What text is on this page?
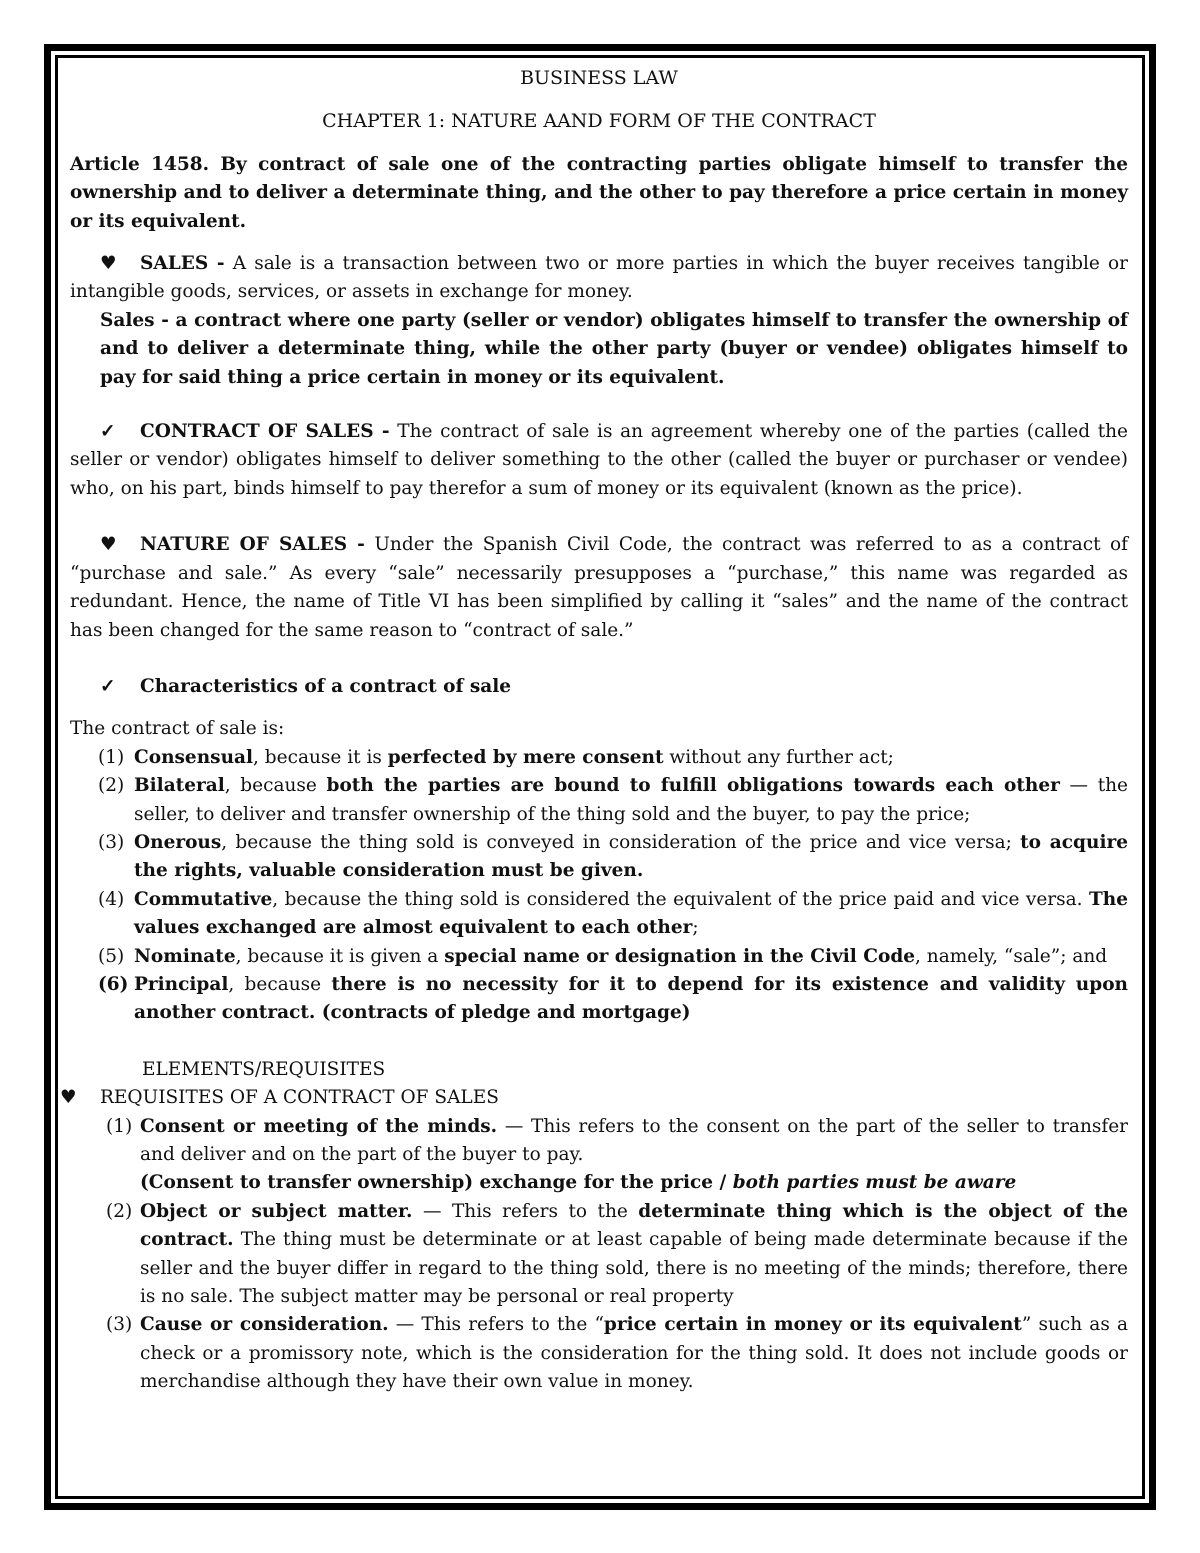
BUSINESS LAW

CHAPTER 1: NATURE AAND FORM OF THE CONTRACT

Article 1458. By contract of sale one of the contracting parties obligate himself to transfer the ownership and to deliver a determinate thing, and the other to pay therefore a price certain in money or its equivalent.

♥ SALES - A sale is a transaction between two or more parties in which the buyer receives tangible or intangible goods, services, or assets in exchange for money.

Sales - a contract where one party (seller or vendor) obligates himself to transfer the ownership of and to deliver a determinate thing, while the other party (buyer or vendee) obligates himself to pay for said thing a price certain in money or its equivalent.

✓ CONTRACT OF SALES - The contract of sale is an agreement whereby one of the parties (called the seller or vendor) obligates himself to deliver something to the other (called the buyer or purchaser or vendee) who, on his part, binds himself to pay therefor a sum of money or its equivalent (known as the price).

♥ NATURE OF SALES - Under the Spanish Civil Code, the contract was referred to as a contract of “purchase and sale.” As every “sale” necessarily presupposes a “purchase,” this name was regarded as redundant. Hence, the name of Title VI has been simplified by calling it “sales” and the name of the contract has been changed for the same reason to “contract of sale.”

✓ Characteristics of a contract of sale

The contract of sale is:

(1) Consensual, because it is perfected by mere consent without any further act;
(2) Bilateral, because both the parties are bound to fulfill obligations towards each other — the seller, to deliver and transfer ownership of the thing sold and the buyer, to pay the price;
(3) Onerous, because the thing sold is conveyed in consideration of the price and vice versa; to acquire the rights, valuable consideration must be given.
(4) Commutative, because the thing sold is considered the equivalent of the price paid and vice versa. The values exchanged are almost equivalent to each other;
(5) Nominate, because it is given a special name or designation in the Civil Code, namely, “sale”; and
(6) Principal, because there is no necessity for it to depend for its existence and validity upon another contract. (contracts of pledge and mortgage)

ELEMENTS/REQUISITES

♥ REQUISITES OF A CONTRACT OF SALES

(1) Consent or meeting of the minds. — This refers to the consent on the part of the seller to transfer and deliver and on the part of the buyer to pay.
(Consent to transfer ownership) exchange for the price / both parties must be aware
(2) Object or subject matter. — This refers to the determinate thing which is the object of the contract. The thing must be determinate or at least capable of being made determinate because if the seller and the buyer differ in regard to the thing sold, there is no meeting of the minds; therefore, there is no sale. The subject matter may be personal or real property
(3) Cause or consideration. — This refers to the “price certain in money or its equivalent” such as a check or a promissory note, which is the consideration for the thing sold. It does not include goods or merchandise although they have their own value in money.
